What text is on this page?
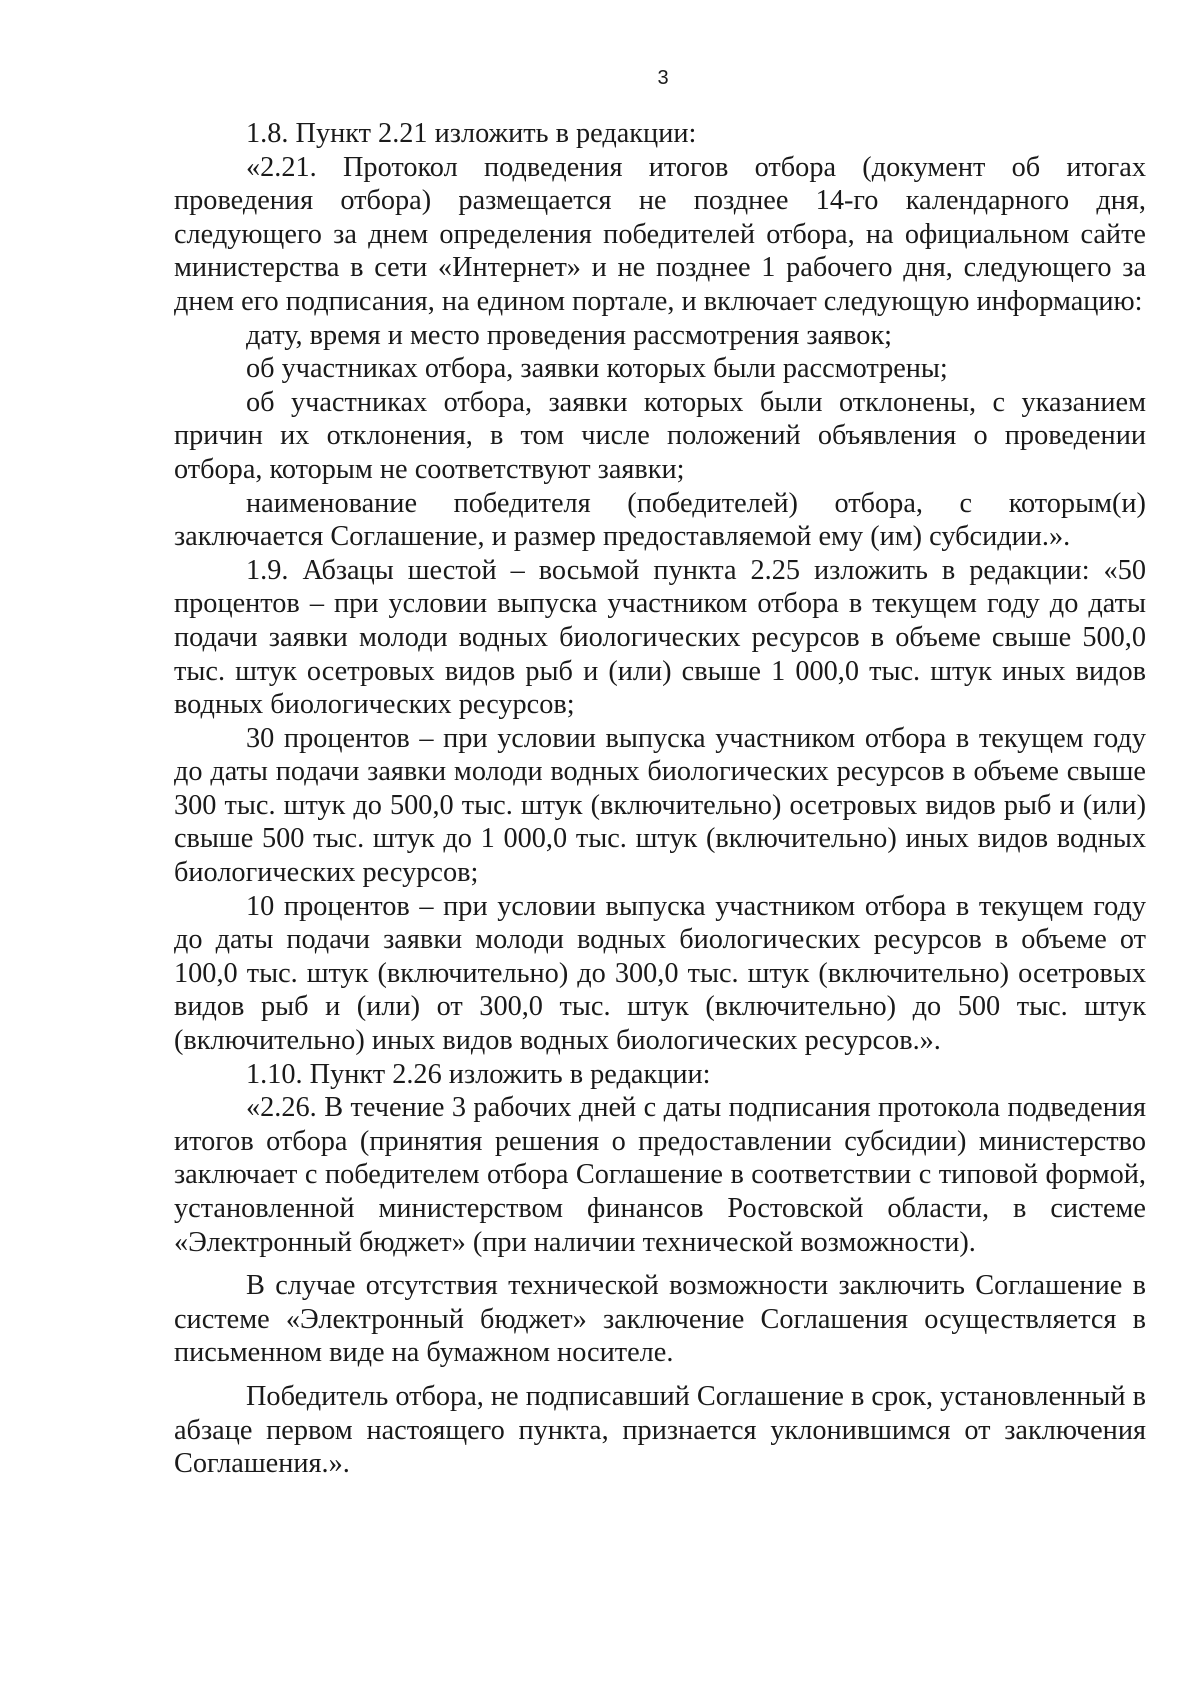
3

1.8. Пункт 2.21 изложить в редакции:

«2.21. Протокол подведения итогов отбора (документ об итогах проведения отбора) размещается не позднее 14-го календарного дня, следующего за днем определения победителей отбора, на официальном сайте министерства в сети «Интернет» и не позднее 1 рабочего дня, следующего за днем его подписания, на едином портале, и включает следующую информацию:

дату, время и место проведения рассмотрения заявок;

об участниках отбора, заявки которых были рассмотрены;

об участниках отбора, заявки которых были отклонены, с указанием причин их отклонения, в том числе положений объявления о проведении отбора, которым не соответствуют заявки;

наименование победителя (победителей) отбора, с которым(и) заключается Соглашение, и размер предоставляемой ему (им) субсидии.».

1.9. Абзацы шестой – восьмой пункта 2.25 изложить в редакции: «50 процентов – при условии выпуска участником отбора в текущем году до даты подачи заявки молоди водных биологических ресурсов в объеме свыше 500,0 тыс. штук осетровых видов рыб и (или) свыше 1 000,0 тыс. штук иных видов водных биологических ресурсов;

30 процентов – при условии выпуска участником отбора в текущем году до даты подачи заявки молоди водных биологических ресурсов в объеме свыше 300 тыс. штук до 500,0 тыс. штук (включительно) осетровых видов рыб и (или) свыше 500 тыс. штук до 1 000,0 тыс. штук (включительно) иных видов водных биологических ресурсов;

10 процентов – при условии выпуска участником отбора в текущем году до даты подачи заявки молоди водных биологических ресурсов в объеме от 100,0 тыс. штук (включительно) до 300,0 тыс. штук (включительно) осетровых видов рыб и (или) от 300,0 тыс. штук (включительно) до 500 тыс. штук (включительно) иных видов водных биологических ресурсов.».

1.10. Пункт 2.26 изложить в редакции:

«2.26. В течение 3 рабочих дней с даты подписания протокола подведения итогов отбора (принятия решения о предоставлении субсидии) министерство заключает с победителем отбора Соглашение в соответствии с типовой формой, установленной министерством финансов Ростовской области, в системе «Электронный бюджет» (при наличии технической возможности).

В случае отсутствия технической возможности заключить Соглашение в системе «Электронный бюджет» заключение Соглашения осуществляется в письменном виде на бумажном носителе.

Победитель отбора, не подписавший Соглашение в срок, установленный в абзаце первом настоящего пункта, признается уклонившимся от заключения Соглашения.».
